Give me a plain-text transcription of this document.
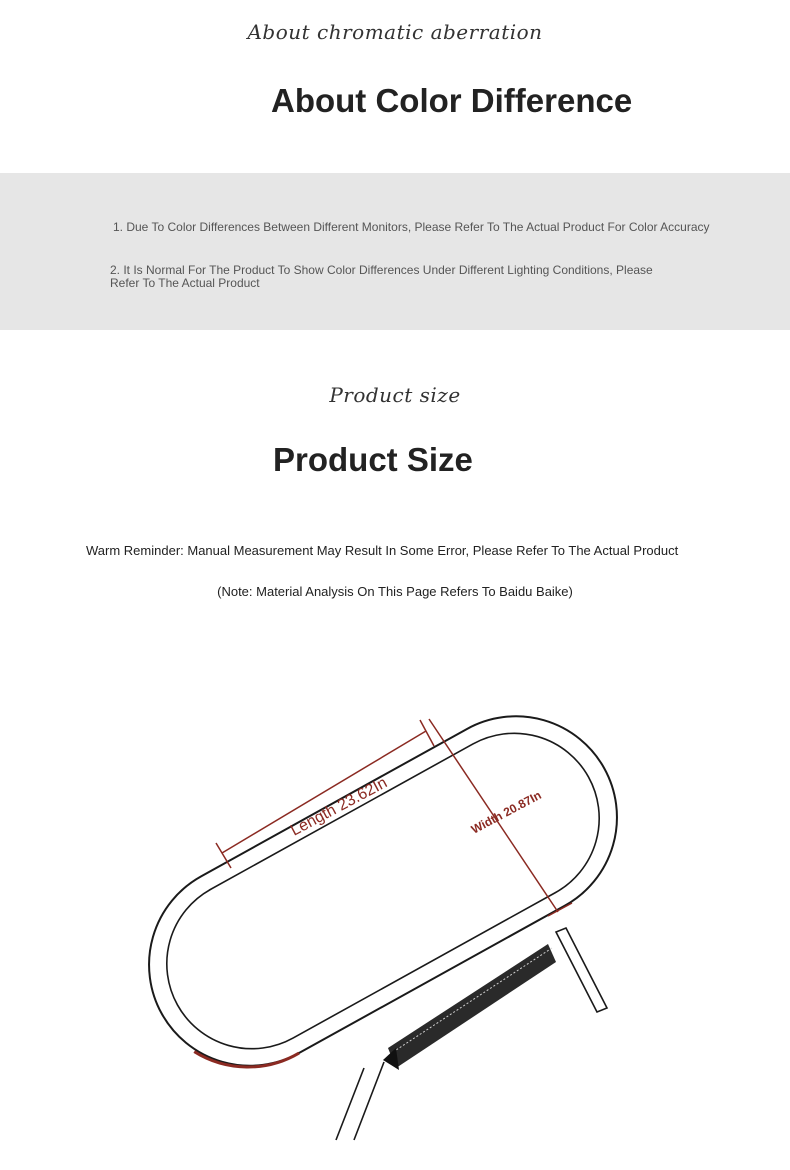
About chromatic aberration
About Color Difference
1. Due To Color Differences Between Different Monitors, Please Refer To The Actual Product For Color Accuracy
2. It Is Normal For The Product To Show Color Differences Under Different Lighting Conditions, Please
Refer To The Actual Product
Product size
Product Size
Warm Reminder: Manual Measurement May Result In Some Error, Please Refer To The Actual Product
(Note: Material Analysis On This Page Refers To Baidu Baike)
Length 23.62In	Width 20.87In
